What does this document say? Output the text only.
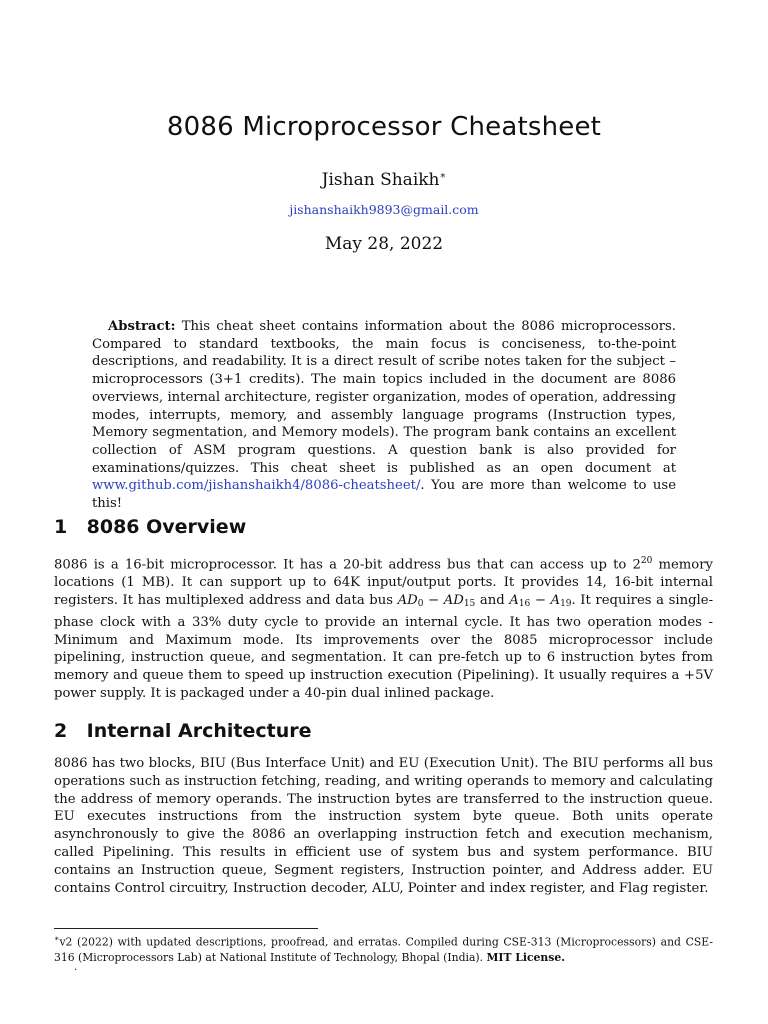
8086 Microprocessor Cheatsheet
Jishan Shaikh∗
jishanshaikh9893@gmail.com
May 28, 2022
Abstract: This cheat sheet contains information about the 8086 microprocessors. Compared to standard textbooks, the main focus is conciseness, to-the-point descriptions, and readability. It is a direct result of scribe notes taken for the subject – microprocessors (3+1 credits). The main topics included in the document are 8086 overviews, internal architecture, register organization, modes of operation, addressing modes, interrupts, memory, and assembly language programs (Instruction types, Memory segmentation, and Memory models). The program bank contains an excellent collection of ASM program questions. A question bank is also provided for examinations/quizzes. This cheat sheet is published as an open document at www.github.com/jishanshaikh4/8086-cheatsheet/. You are more than welcome to use this!
1 8086 Overview
8086 is a 16-bit microprocessor. It has a 20-bit address bus that can access up to $2^{20}$ memory locations (1 MB). It can support up to 64K input/output ports. It provides 14, 16-bit internal registers. It has multiplexed address and data bus $AD_0 - AD_{15}$ and $A_{16} - A_{19}$. It requires a single-phase clock with a 33% duty cycle to provide an internal cycle. It has two operation modes - Minimum and Maximum mode. Its improvements over the 8085 microprocessor include pipelining, instruction queue, and segmentation. It can pre-fetch up to 6 instruction bytes from memory and queue them to speed up instruction execution (Pipelining). It usually requires a +5V power supply. It is packaged under a 40-pin dual inlined package.
2 Internal Architecture
8086 has two blocks, BIU (Bus Interface Unit) and EU (Execution Unit). The BIU performs all bus operations such as instruction fetching, reading, and writing operands to memory and calculating the address of memory operands. The instruction bytes are transferred to the instruction queue. EU executes instructions from the instruction system byte queue. Both units operate asynchronously to give the 8086 an overlapping instruction fetch and execution mechanism, called Pipelining. This results in efficient use of system bus and system performance. BIU contains an Instruction queue, Segment registers, Instruction pointer, and Address adder. EU contains Control circuitry, Instruction decoder, ALU, Pointer and index register, and Flag register.
∗v2 (2022) with updated descriptions, proofread, and erratas. Compiled during CSE-313 (Microprocessors) and CSE-316 (Microprocessors Lab) at National Institute of Technology, Bhopal (India). MIT License.
.
